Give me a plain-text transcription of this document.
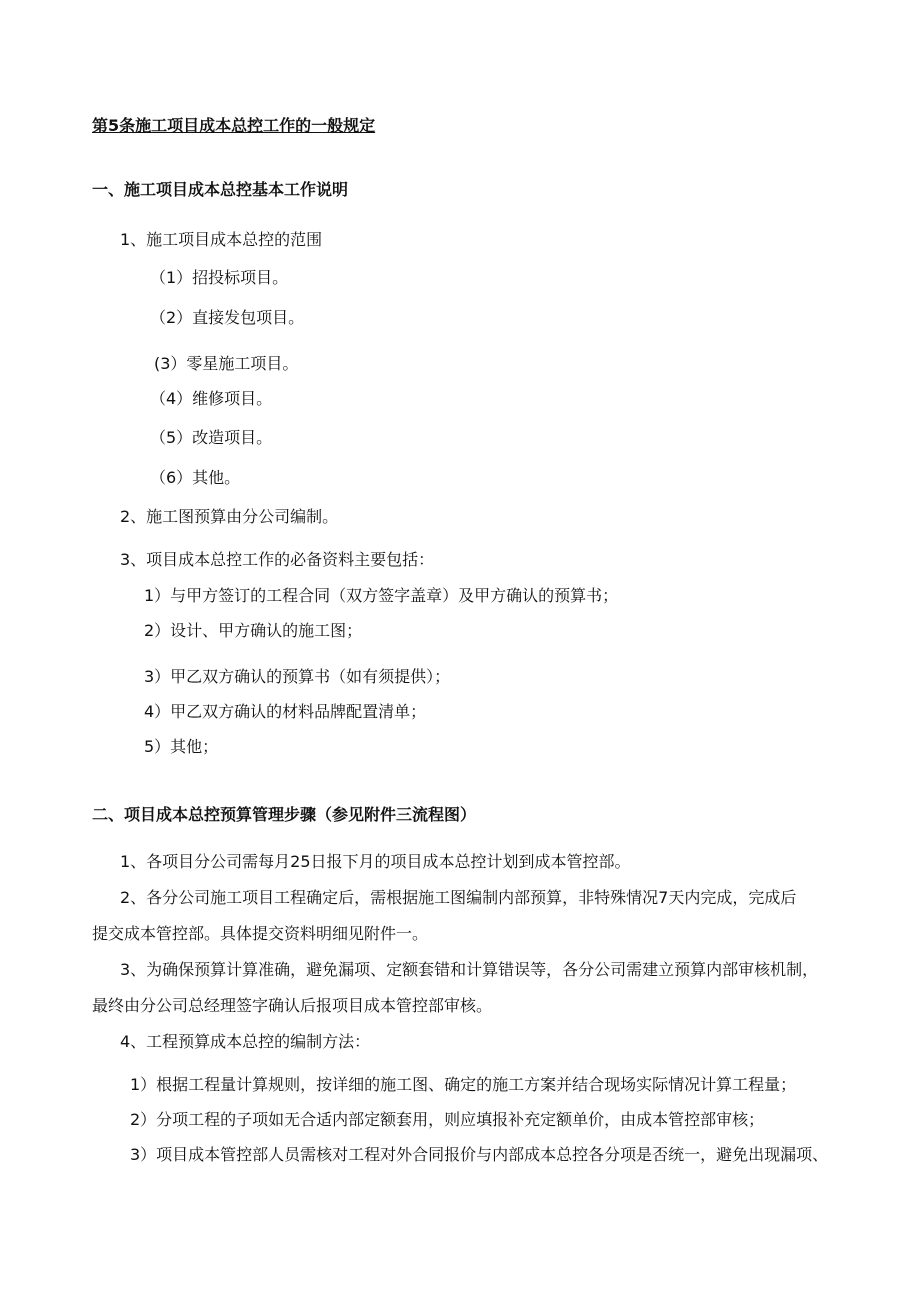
第5条施工项目成本总控工作的一般规定
一、施工项目成本总控基本工作说明
1、施工项目成本总控的范围
（1）招投标项目。
（2）直接发包项目。
(3）零星施工项目。
（4）维修项目。
（5）改造项目。
（6）其他。
2、施工图预算由分公司编制。
3、项目成本总控工作的必备资料主要包括：
1）与甲方签订的工程合同（双方签字盖章）及甲方确认的预算书；
2）设计、甲方确认的施工图；
3）甲乙双方确认的预算书（如有须提供）；
4）甲乙双方确认的材料品牌配置清单；
5）其他；
二、项目成本总控预算管理步骤（参见附件三流程图）
1、各项目分公司需每月25日报下月的项目成本总控计划到成本管控部。
2、各分公司施工项目工程确定后，需根据施工图编制内部预算，非特殊情况7天内完成，完成后
提交成本管控部。具体提交资料明细见附件一。
3、为确保预算计算准确，避免漏项、定额套错和计算错误等，各分公司需建立预算内部审核机制，
最终由分公司总经理签字确认后报项目成本管控部审核。
4、工程预算成本总控的编制方法：
1）根据工程量计算规则，按详细的施工图、确定的施工方案并结合现场实际情况计算工程量；
2）分项工程的子项如无合适内部定额套用，则应填报补充定额单价，由成本管控部审核；
3）项目成本管控部人员需核对工程对外合同报价与内部成本总控各分项是否统一，避免出现漏项、
